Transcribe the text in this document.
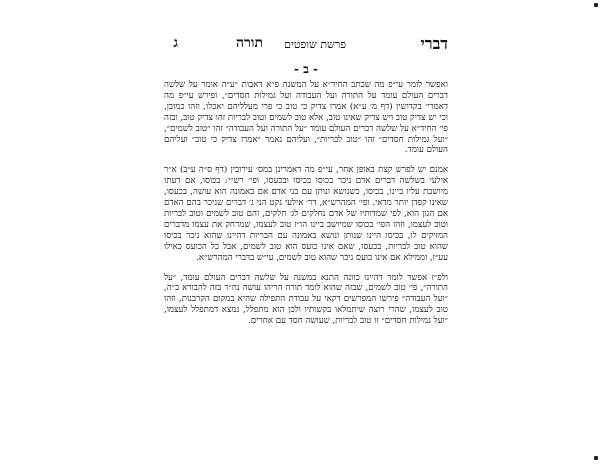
דברי
פרשת שופטים
תורה
ג
- ב -

ואפשר לומר עי״פ מה שכתב החיד״א על המשנה פ״א דאבות ״ע״ה אומר על שלשה דברים העולם עומד על התורה ועל העבודה ועל גמילות חסדים״, ופירש עי״פ מה דאמרי׳ בקדושין (דף מ׳ ע״א) אמרו צדיק כי טוב כי פרי מעלליהם יאכלו, וזהו כמובן, וכי יש צדיק טוב ויש צדיק שאינו טוב, אלא טוב לשמים וטוב לבריות זהו צדיק טוב, ובזה פי׳ החיד״א על שלשה דברים העולם עומד ״על התורה ועל העבודה״ זהו ״טוב לשמים״, ״ועל גמילות חסדים״ זהו ״טוב לבריות״, ועליהם נאמר ״אמרו צדיק כי טוב״ ועליהם העולם עומד.

אמנם יש לפרש קצת באופן אחר, עי״פ מה דאמרינן במס׳ עירובין (דף ס״ה ע״ב) א״ר אילעי בשלשה דברים אדם ניכר בכוסו בכיסו ובכעסו, ופי׳ רש״י: בכוסו, אם דעתו מיושבת עליו ביינו, בכיסו, כשנושא ונותן עם בני אדם אם באמונה הוא עושה, בכעסו, שאינו קפדן יותר מדאי. ופי׳ המהרש״א, דר׳ אילעי נקט הני ג׳ דברים שניכר בהם האדם אם הגון הוא, לפי שמדותיו של אדם נחלקים לג׳ חלקים, והם טוב לשמים וטוב לבריות וטוב לעצמו, וזהו הפי׳ בכוסו שמיושב ביינו הו״ז טוב לעצמו, שמרחק את עצמו מדברים המזיקים לו, בכיסו היינו שנותן ונושא באמונה עם הבריות דהיינו שהוא ניכר בכיסו שהוא טוב לבריות, בכעסו, שאם אינו כועס הוא טוב לשמים, אבל כל הכועס כאילו עע״ז, וממילא אם אינו כועס ניכר שהוא טוב לשמים, עי״ש בדברי המהרש״א.

ולפ״ז אפשר לומר דהיינו כוונה התנא במשנה על שלשה דברים העולם עומד, ״על התורה״, פי׳ טוב לשמים, שבזה שהוא לומד תורה הריהו עושה נח״ר בזה להבורא ב״ה, ״ועל העבודה״ פירשו המפרשים דקאי על עבודת התפילה שהיא במקום הקרבנות, וזהו טוב לעצמו, שהרי רוצה שיתמלאו בקשותיו ולכן הוא מתפלל, נמצא דמתפלל לעצמו, ״ועל גמילות חסדים״ זו טוב לבריות, שעושה חסד עם אחרים.
